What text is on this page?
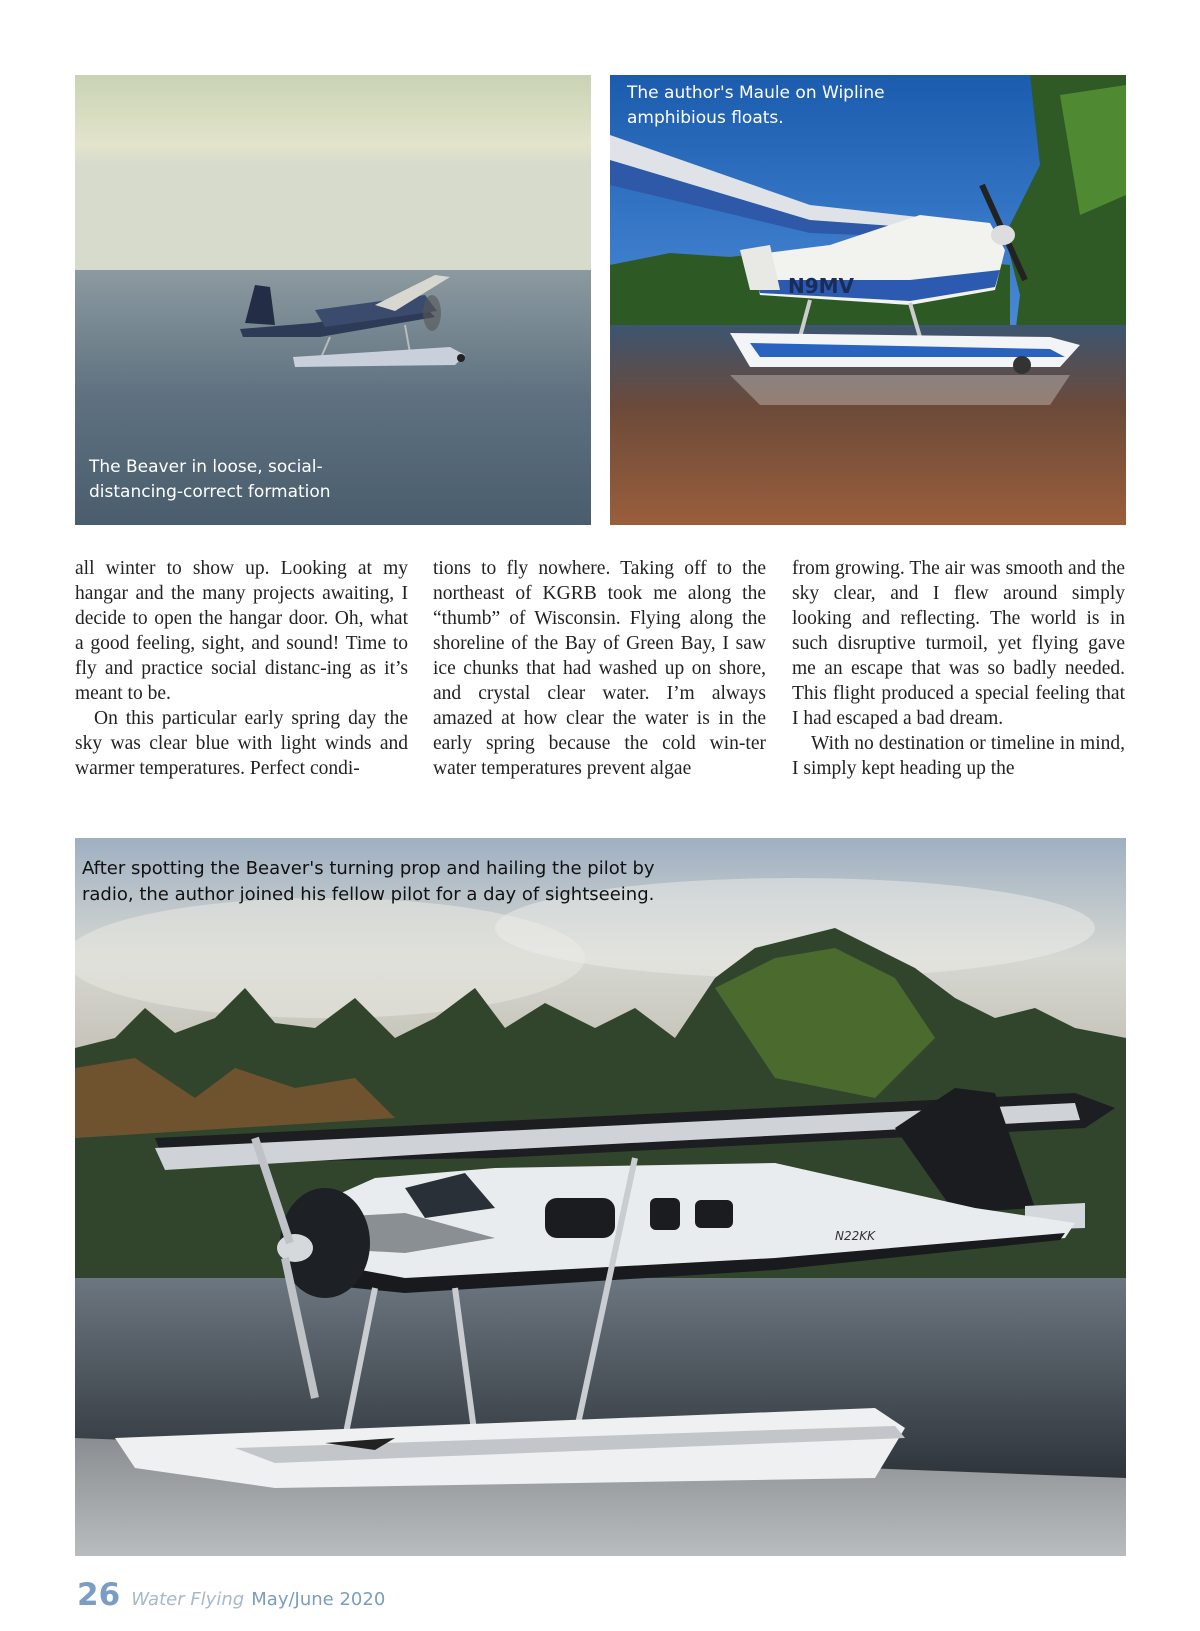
The Beaver in loose, social-
distancing-correct formation
N9MV
The author's Maule on Wipline
amphibious floats.

all winter to show up. Looking at my hangar and the many projects awaiting, I decide to open the hangar door. Oh, what a good feeling, sight, and sound! Time to fly and practice social distanc-ing as it’s meant to be.

On this particular early spring day the sky was clear blue with light winds and warmer temperatures. Perfect condi-

tions to fly nowhere. Taking off to the northeast of KGRB took me along the “thumb” of Wisconsin. Flying along the shoreline of the Bay of Green Bay, I saw ice chunks that had washed up on shore, and crystal clear water. I’m always amazed at how clear the water is in the early spring because the cold win-ter water temperatures prevent algae

from growing. The air was smooth and the sky clear, and I flew around simply looking and reflecting. The world is in such disruptive turmoil, yet flying gave me an escape that was so badly needed. This flight produced a special feeling that I had escaped a bad dream.

With no destination or timeline in mind, I simply kept heading up the

N22KK
After spotting the Beaver's turning prop and hailing the pilot by
radio, the author joined his fellow pilot for a day of sightseeing.
26 Water Flying May/June 2020
